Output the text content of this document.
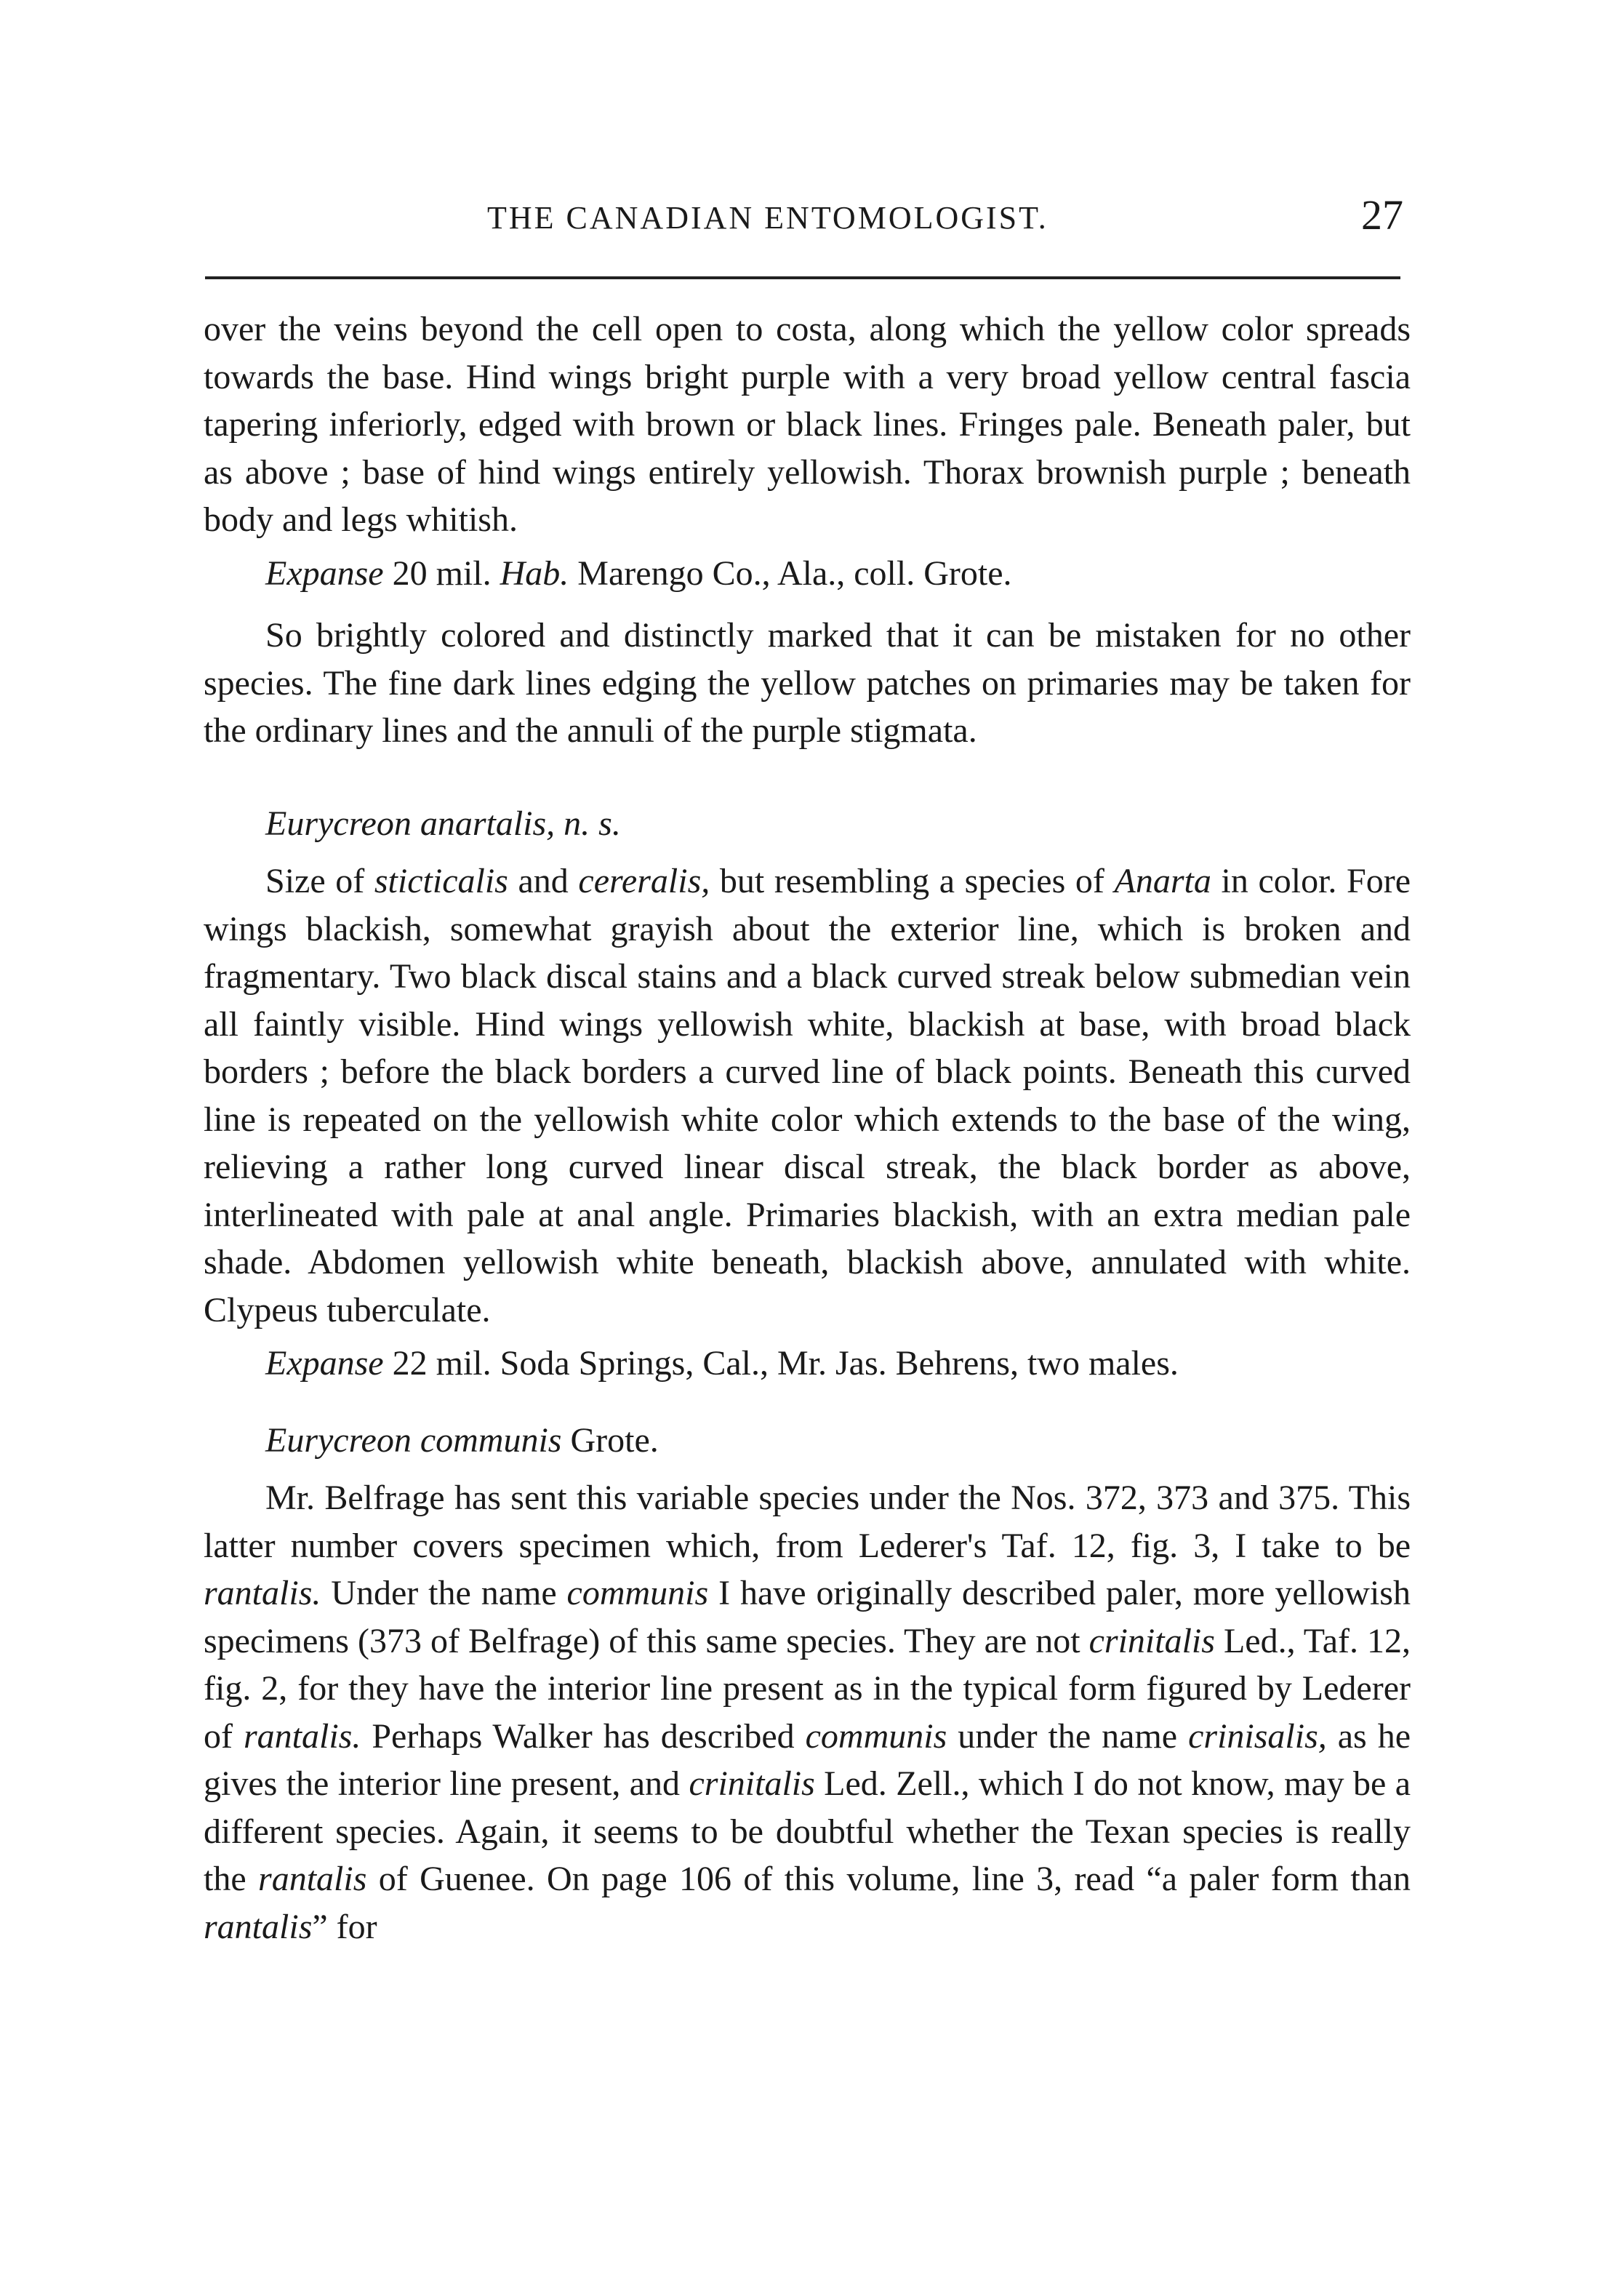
THE CANADIAN ENTOMOLOGIST.	27

over the veins beyond the cell open to costa, along which the yellow color spreads towards the base. Hind wings bright purple with a very broad yellow central fascia tapering inferiorly, edged with brown or black lines. Fringes pale. Beneath paler, but as above ; base of hind wings entirely yellowish. Thorax brownish purple ; beneath body and legs whitish.

Expanse 20 mil. Hab. Marengo Co., Ala., coll. Grote.

So brightly colored and distinctly marked that it can be mistaken for no other species. The fine dark lines edging the yellow patches on primaries may be taken for the ordinary lines and the annuli of the purple stigmata.

Eurycreon anartalis, n. s.

Size of sticticalis and cereralis, but resembling a species of Anarta in color. Fore wings blackish, somewhat grayish about the exterior line, which is broken and fragmentary. Two black discal stains and a black curved streak below submedian vein all faintly visible. Hind wings yellowish white, blackish at base, with broad black borders ; before the black borders a curved line of black points. Beneath this curved line is repeated on the yellowish white color which extends to the base of the wing, relieving a rather long curved linear discal streak, the black border as above, interlineated with pale at anal angle. Primaries blackish, with an extra median pale shade. Abdomen yellowish white beneath, blackish above, annulated with white. Clypeus tuberculate.

Expanse 22 mil. Soda Springs, Cal., Mr. Jas. Behrens, two males.

Eurycreon communis Grote.

Mr. Belfrage has sent this variable species under the Nos. 372, 373 and 375. This latter number covers specimen which, from Lederer's Taf. 12, fig. 3, I take to be rantalis. Under the name communis I have originally described paler, more yellowish specimens (373 of Belfrage) of this same species. They are not crinitalis Led., Taf. 12, fig. 2, for they have the interior line present as in the typical form figured by Lederer of rantalis. Perhaps Walker has described communis under the name crinisalis, as he gives the interior line present, and crinitalis Led. Zell., which I do not know, may be a different species. Again, it seems to be doubtful whether the Texan species is really the rantalis of Guenee. On page 106 of this volume, line 3, read “a paler form than rantalis” for
